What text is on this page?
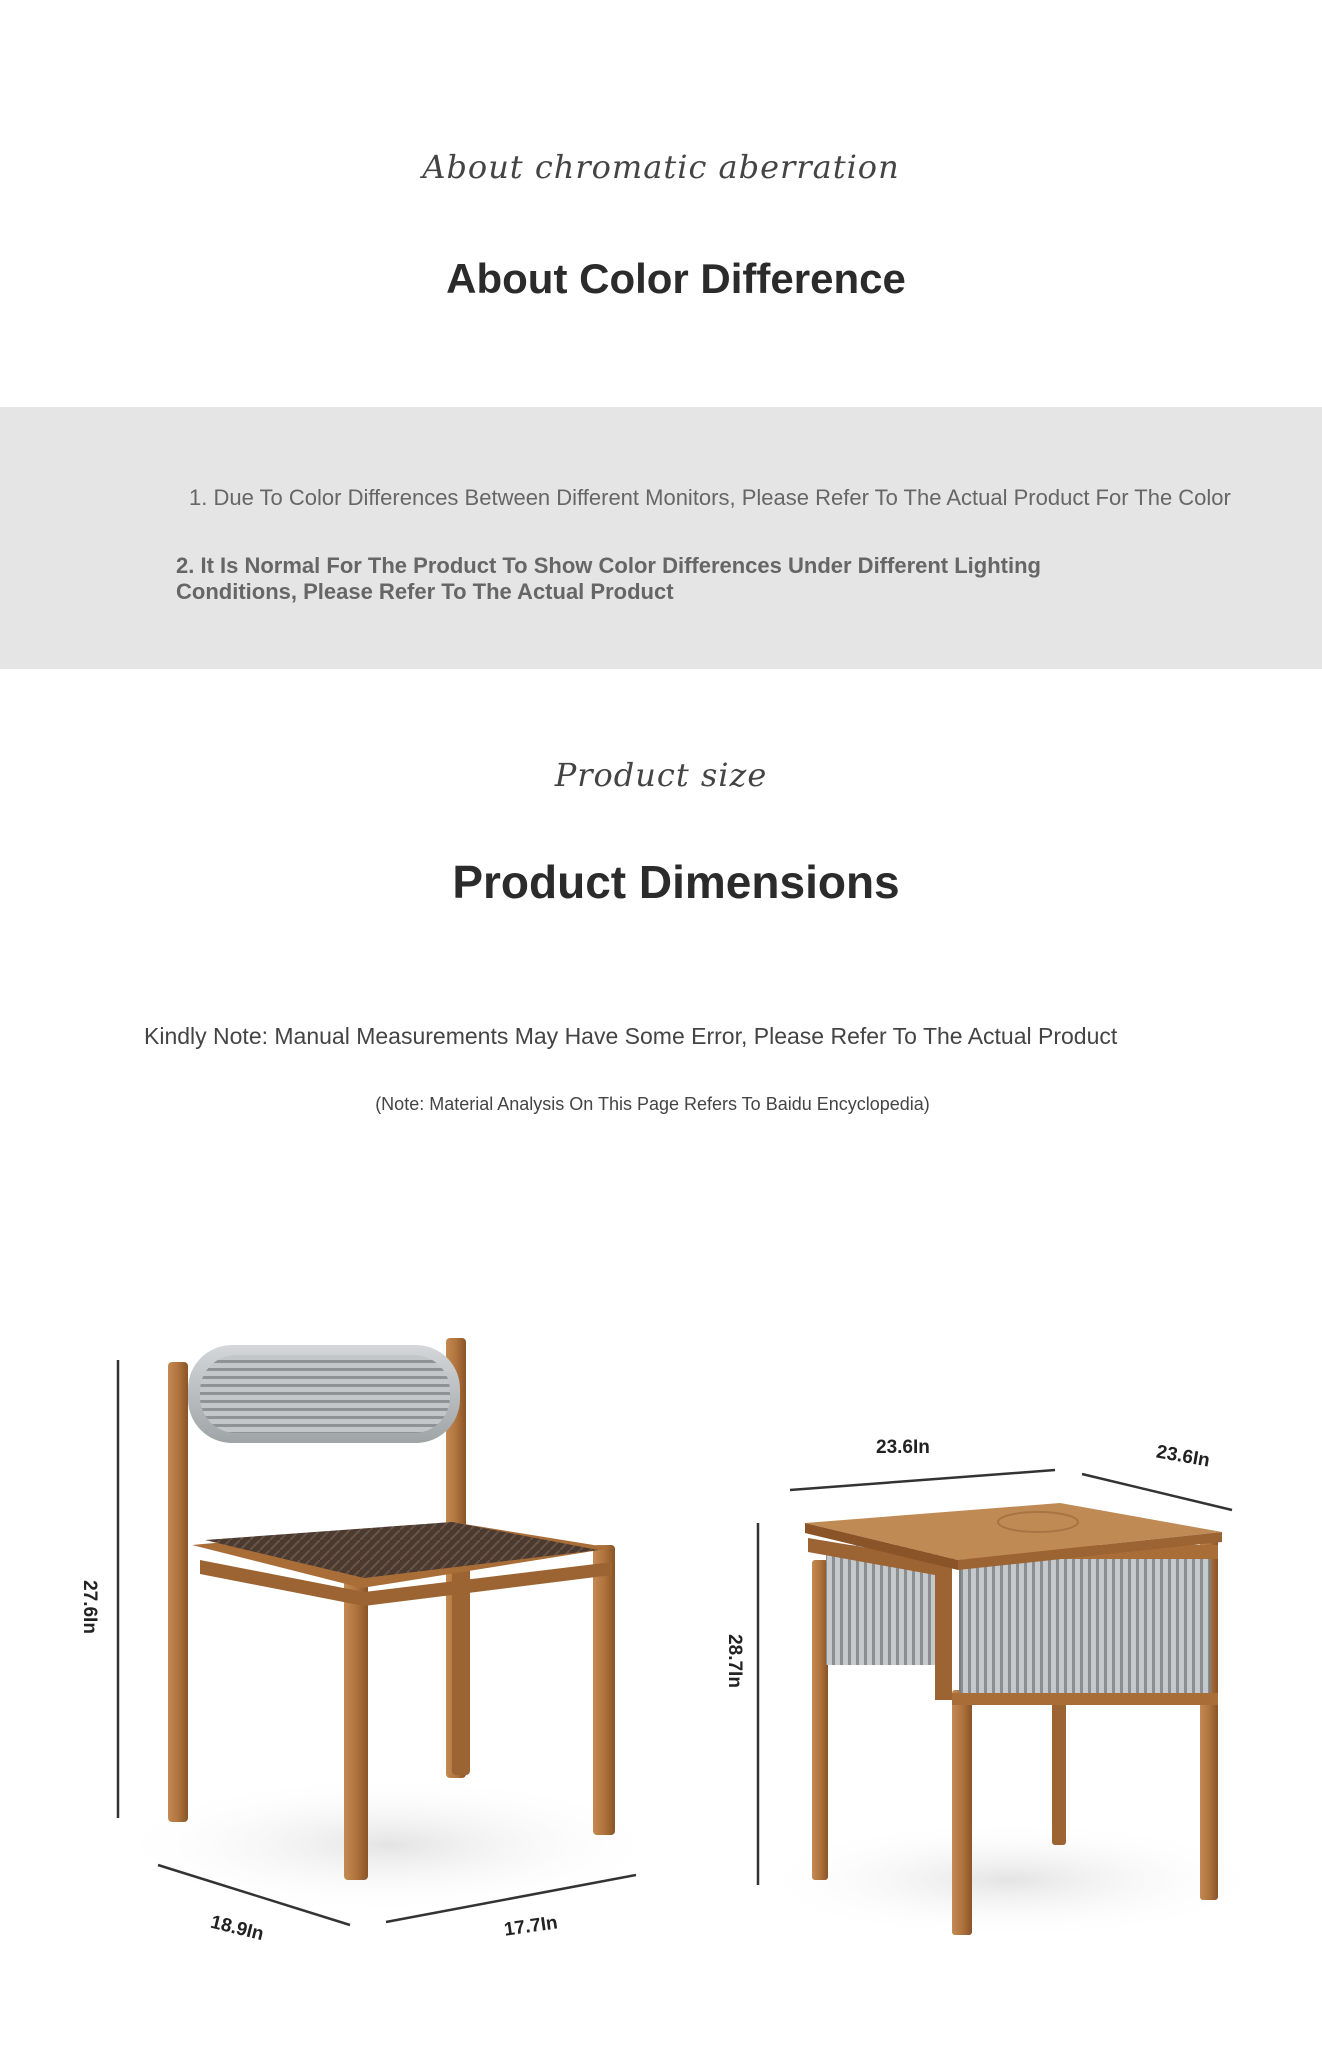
About chromatic aberration
About Color Difference
1. Due To Color Differences Between Different Monitors, Please Refer To The Actual Product For The Color
2. It Is Normal For The Product To Show Color Differences Under Different Lighting Conditions, Please Refer To The Actual Product
Product size
Product Dimensions
Kindly Note: Manual Measurements May Have Some Error, Please Refer To The Actual Product
(Note: Material Analysis On This Page Refers To Baidu Encyclopedia)
27.6In
18.9In	17.7In
23.6In	23.6In
28.7In
